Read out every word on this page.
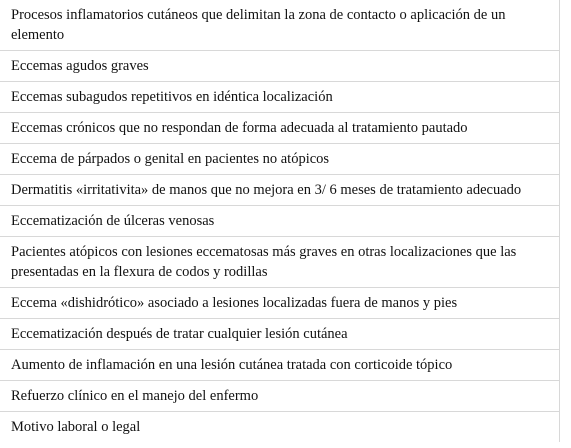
Procesos inflamatorios cutáneos que delimitan la zona de contacto o aplicación de un elemento
Eccemas agudos graves
Eccemas subagudos repetitivos en idéntica localización
Eccemas crónicos que no respondan de forma adecuada al tratamiento pautado
Eccema de párpados o genital en pacientes no atópicos
Dermatitis «irritativita» de manos que no mejora en 3/ 6 meses de tratamiento adecuado
Eccematización de úlceras venosas
Pacientes atópicos con lesiones eccematosas más graves en otras localizaciones que las presentadas en la flexura de codos y rodillas
Eccema «dishidrótico» asociado a lesiones localizadas fuera de manos y pies
Eccematización después de tratar cualquier lesión cutánea
Aumento de inflamación en una lesión cutánea tratada con corticoide tópico
Refuerzo clínico en el manejo del enfermo
Motivo laboral o legal
